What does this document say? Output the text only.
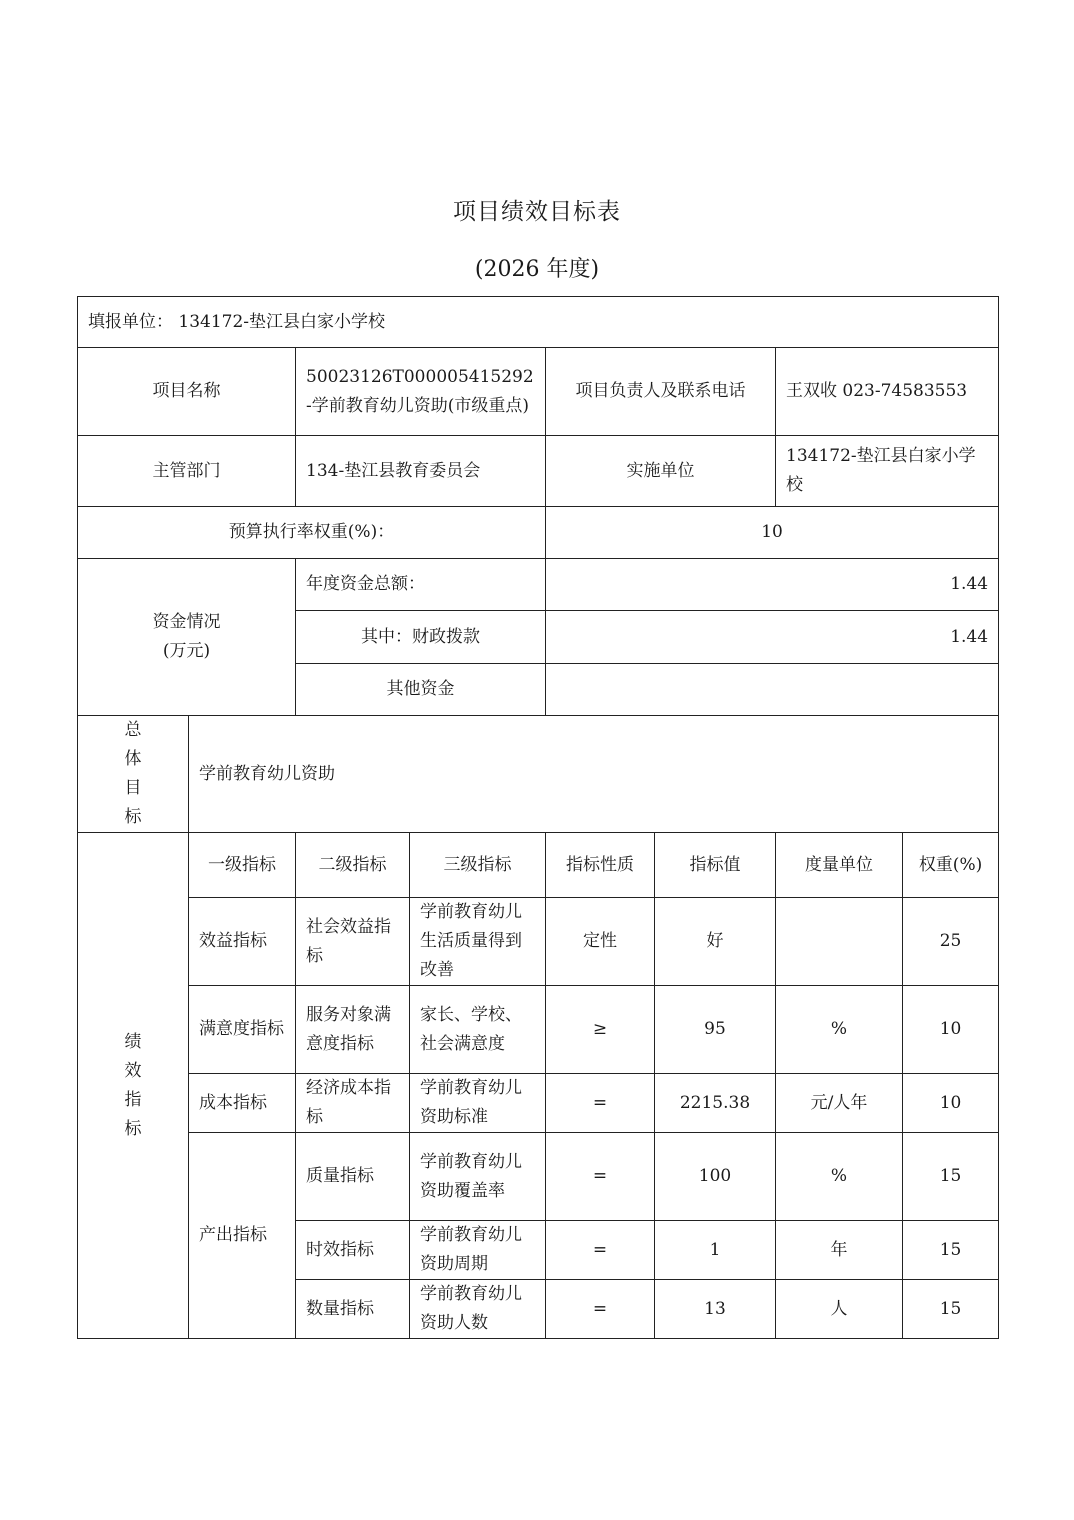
项目绩效目标表
(2026 年度)
填报单位： 134172-垫江县白家小学校							
项目名称		50023126T000005415292-学前教育幼儿资助(市级重点)		项目负责人及联系电话		王双收 023-74583553	
主管部门		134-垫江县教育委员会		实施单位		134172-垫江县白家小学校	
预算执行率权重(%)：				10			

资金情况
(万元)		年度资金总额：		1.44			
		其中：财政拨款		1.44			
		其他资金					

总
体
目
标	学前教育幼儿资助						

绩
效
指
标	一级指标	二级指标	三级指标	指标性质	指标值	度量单位	权重(%)
	效益指标	社会效益指标	学前教育幼儿生活质量得到改善	定性	好		25
	满意度指标	服务对象满意度指标	家长、学校、社会满意度	≥	95	%	10
	成本指标	经济成本指标	学前教育幼儿资助标准	=	2215.38	元/人年	10
	产出指标	质量指标	学前教育幼儿资助覆盖率	=	100	%	15
		时效指标	学前教育幼儿资助周期	=	1	年	15
		数量指标	学前教育幼儿资助人数	=	13	人	15
